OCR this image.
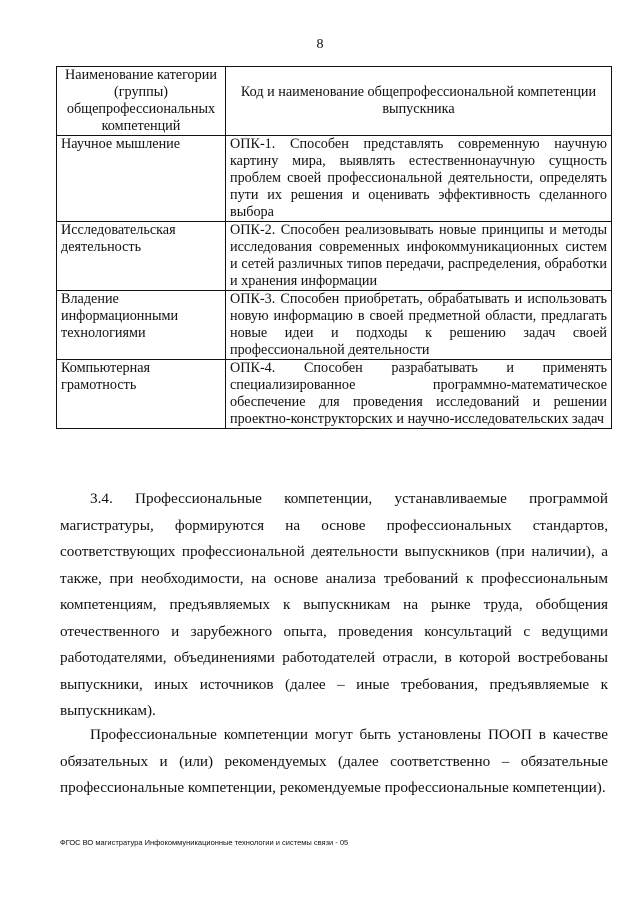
8
Наименование категории (группы) общепрофессиональных компетенций	Код и наименование общепрофессиональной компетенции выпускника
Научное мышление	ОПК-1. Способен представлять современную научную картину мира, выявлять естественнонаучную сущность проблем своей профессиональной деятельности, определять пути их решения и оценивать эффективность сделанного выбора
Исследовательская деятельность	ОПК-2. Способен реализовывать новые принципы и методы исследования современных инфокоммуникационных систем и сетей различных типов передачи, распределения, обработки и хранения информации
Владение информационными технологиями	ОПК-3. Способен приобретать, обрабатывать и использовать новую информацию в своей предметной области, предлагать новые идеи и подходы к решению задач своей профессиональной деятельности
Компьютерная грамотность	ОПК-4. Способен разрабатывать и применять специализированное программно-математическое обеспечение для проведения исследований и решении проектно-конструкторских и научно-исследовательских задач

3.4. Профессиональные компетенции, устанавливаемые программой магистратуры, формируются на основе профессиональных стандартов, соответствующих профессиональной деятельности выпускников (при наличии), а также, при необходимости, на основе анализа требований к профессиональным компетенциям, предъявляемых к выпускникам на рынке труда, обобщения отечественного и зарубежного опыта, проведения консультаций с ведущими работодателями, объединениями работодателей отрасли, в которой востребованы выпускники, иных источников (далее – иные требования, предъявляемые к выпускникам).

Профессиональные компетенции могут быть установлены ПООП в качестве обязательных и (или) рекомендуемых (далее соответственно – обязательные профессиональные компетенции, рекомендуемые профессиональные компетенции).

ФГОС ВО магистратура Инфокоммуникационные технологии и системы связи - 05
